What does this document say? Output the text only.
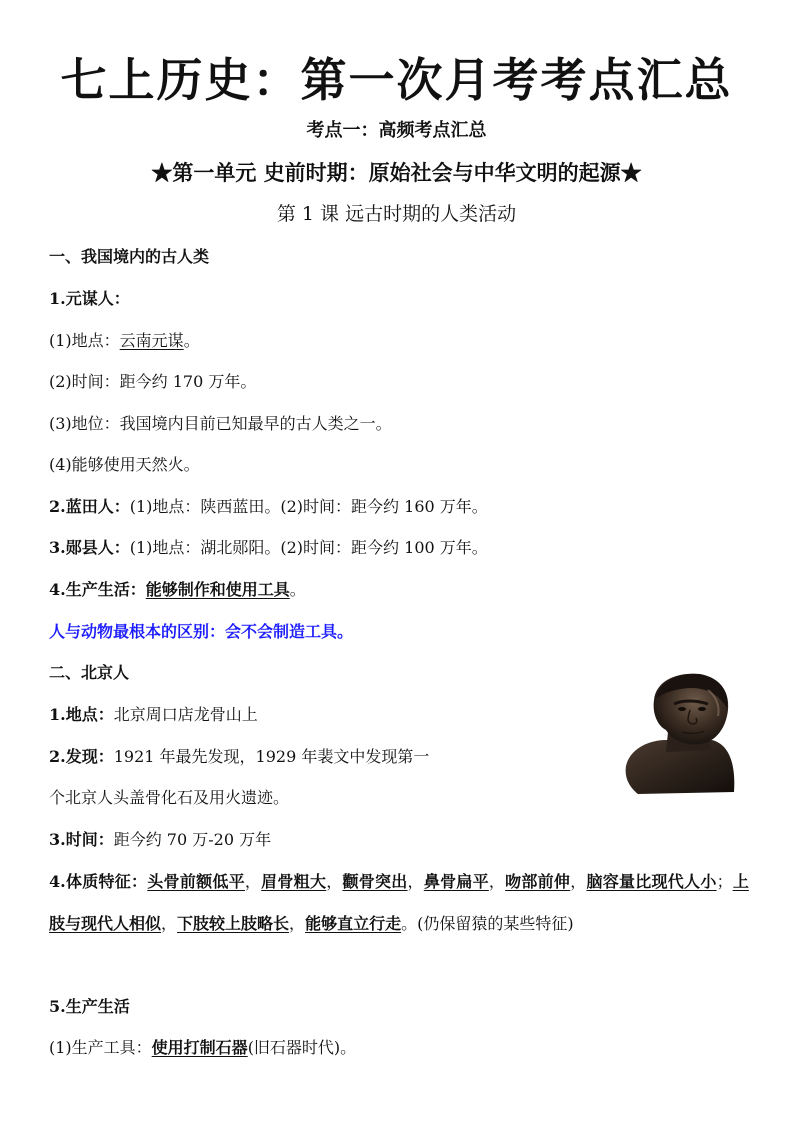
七上历史：第一次月考考点汇总
考点一：高频考点汇总
★第一单元 史前时期：原始社会与中华文明的起源★
第 1 课 远古时期的人类活动
一、我国境内的古人类
1.元谋人：
(1)地点：云南元谋。
(2)时间：距今约 170 万年。
(3)地位：我国境内目前已知最早的古人类之一。
(4)能够使用天然火。
2.蓝田人：(1)地点：陕西蓝田。(2)时间：距今约 160 万年。
3.郧县人：(1)地点：湖北郧阳。(2)时间：距今约 100 万年。
4.生产生活：能够制作和使用工具。
人与动物最根本的区别：会不会制造工具。
二、北京人
1.地点：北京周口店龙骨山上
2.发现：1921 年最先发现，1929 年裴文中发现第一
个北京人头盖骨化石及用火遗迹。
3.时间：距今约 70 万-20 万年
4.体质特征：头骨前额低平，眉骨粗大，颧骨突出，鼻骨扁平，吻部前伸，脑容量比现代人小；上肢与现代人相似，下肢较上肢略长，能够直立行走。(仍保留猿的某些特征)
5.生产生活
(1)生产工具：使用打制石器(旧石器时代)。
